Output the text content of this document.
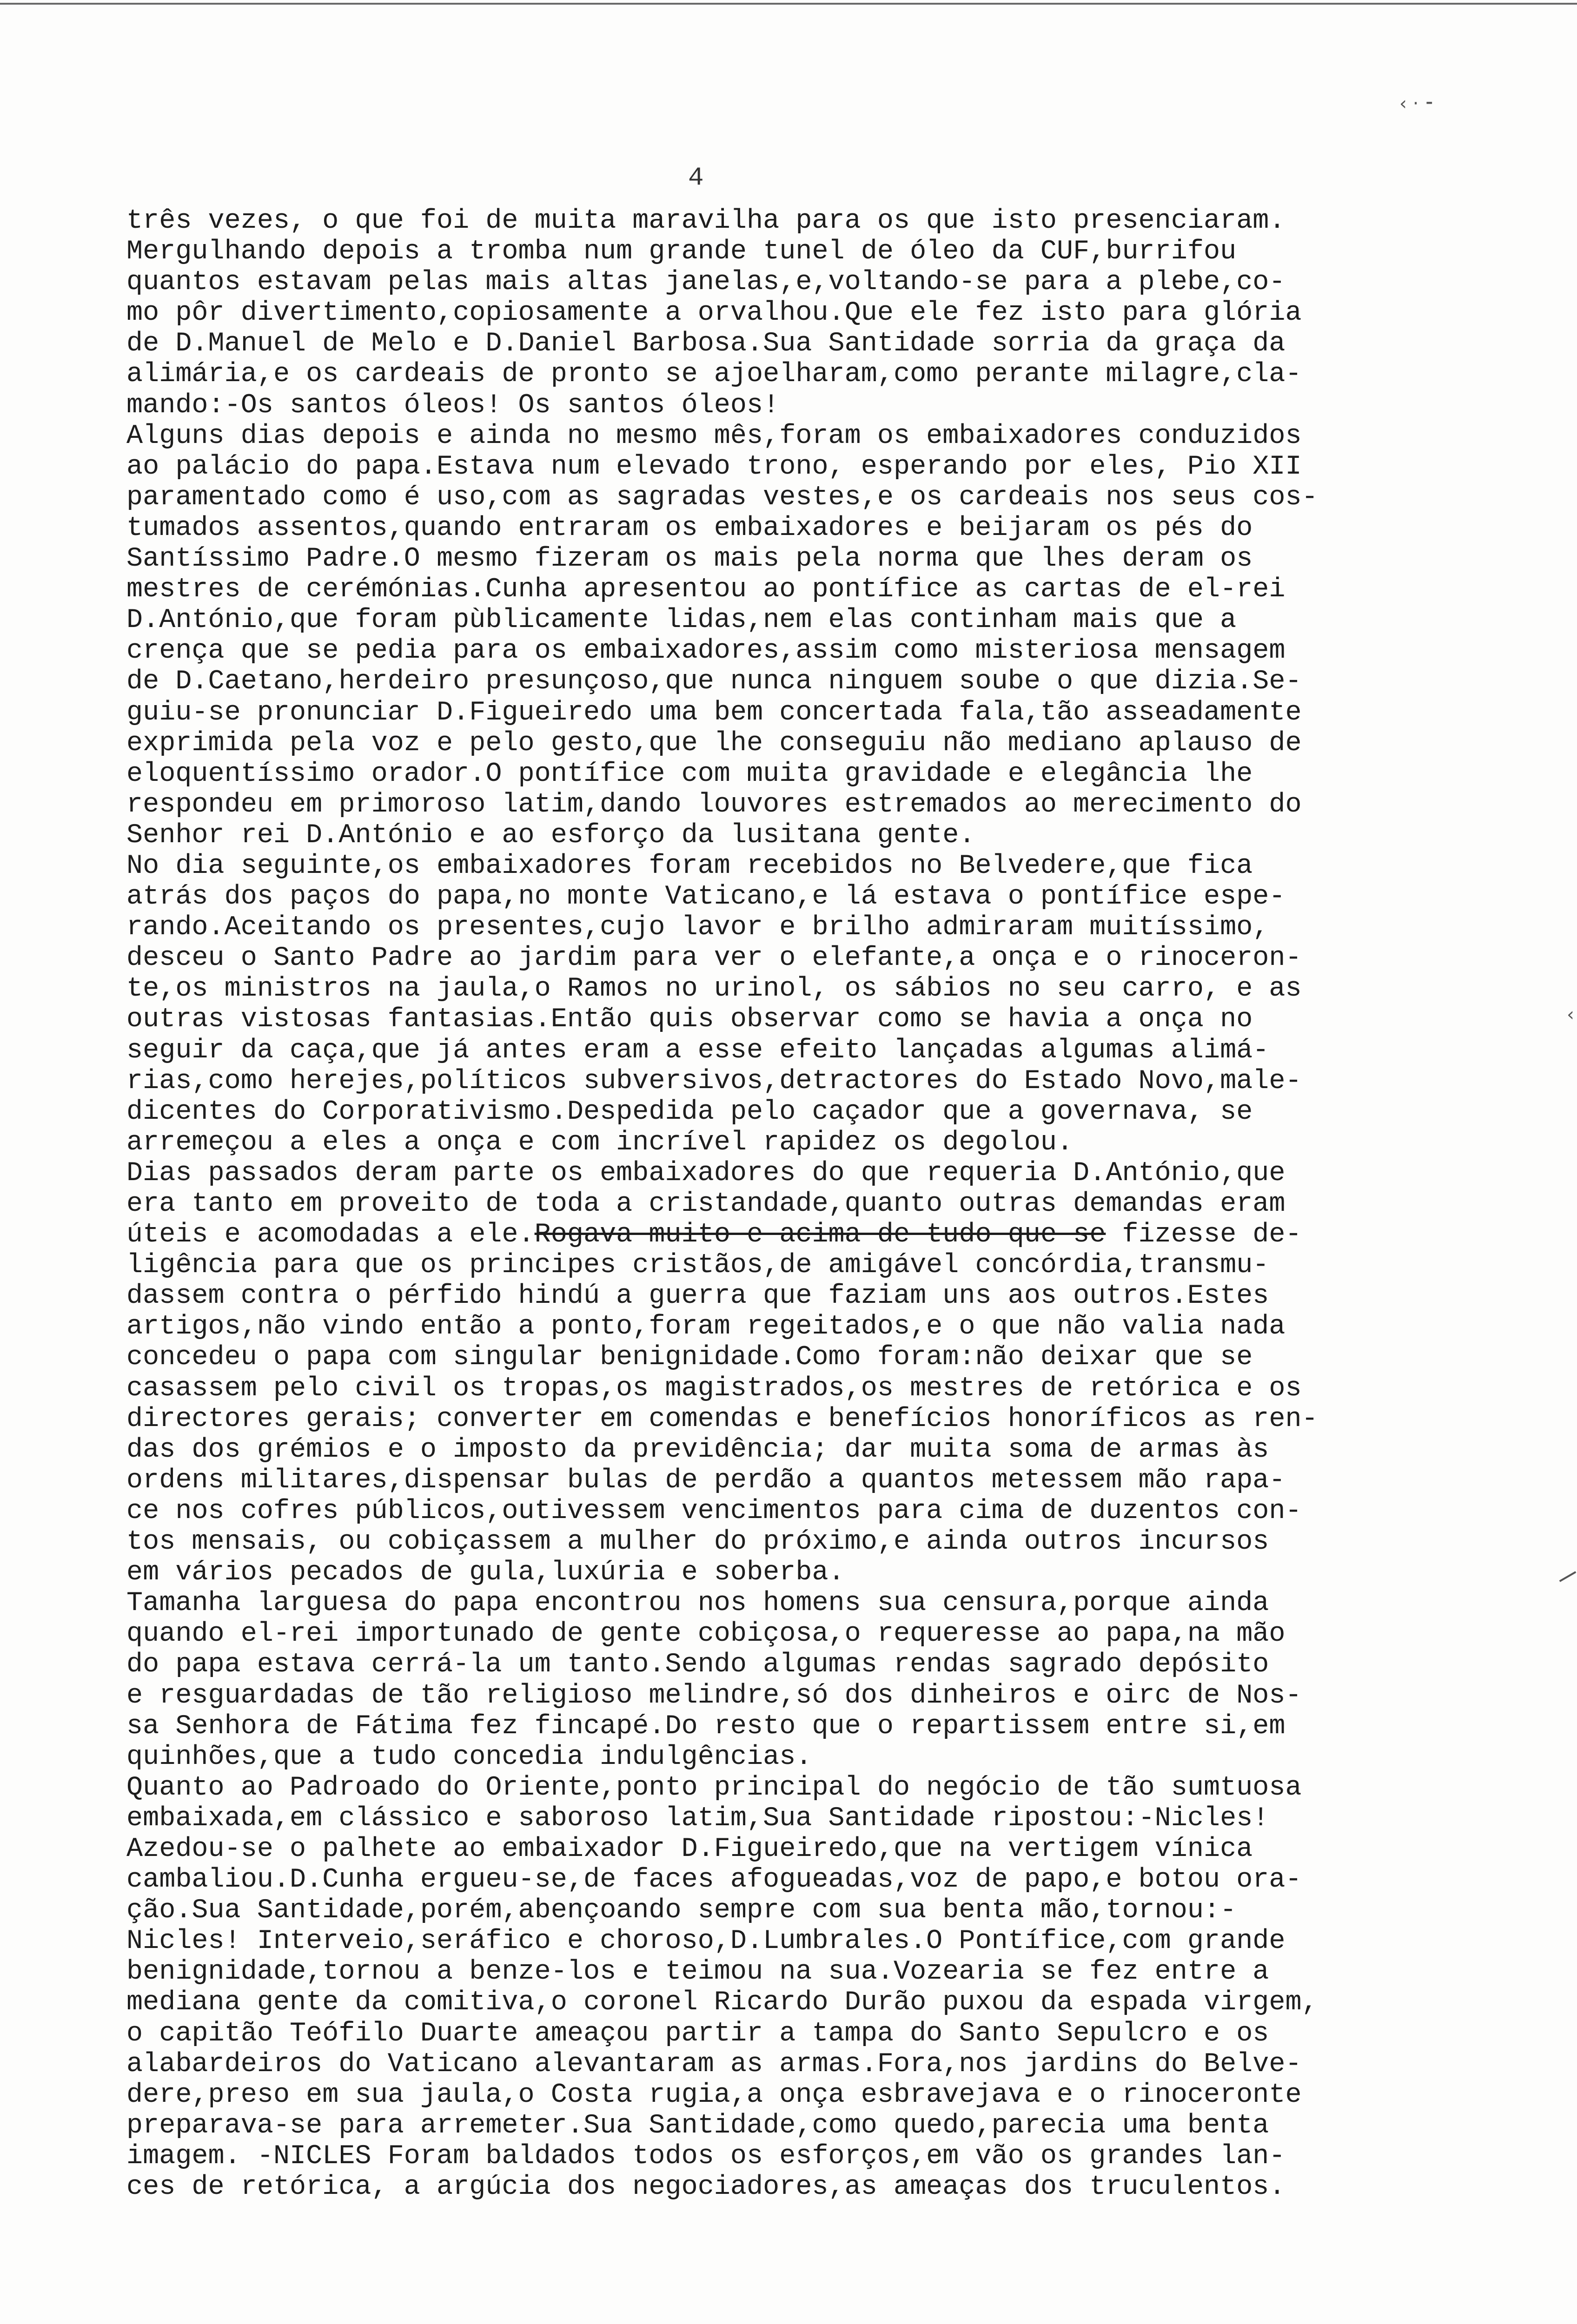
‹ · ⁃
4
três vezes, o que foi de muita maravilha para os que isto presenciaram.
Mergulhando depois a tromba num grande tunel de óleo da CUF,burrifou
quantos estavam pelas mais altas janelas,e,voltando-se para a plebe,co-
mo pôr divertimento,copiosamente a orvalhou.Que ele fez isto para glória
de D.Manuel de Melo e D.Daniel Barbosa.Sua Santidade sorria da graça da
alimária,e os cardeais de pronto se ajoelharam,como perante milagre,cla-
mando:-Os santos óleos! Os santos óleos!
Alguns dias depois e ainda no mesmo mês,foram os embaixadores conduzidos
ao palácio do papa.Estava num elevado trono, esperando por eles, Pio XII
paramentado como é uso,com as sagradas vestes,e os cardeais nos seus cos-
tumados assentos,quando entraram os embaixadores e beijaram os pés do
Santíssimo Padre.O mesmo fizeram os mais pela norma que lhes deram os
mestres de cerémónias.Cunha apresentou ao pontífice as cartas de el-rei
D.António,que foram pùblicamente lidas,nem elas continham mais que a
crença que se pedia para os embaixadores,assim como misteriosa mensagem
de D.Caetano,herdeiro presunçoso,que nunca ninguem soube o que dizia.Se-
guiu-se pronunciar D.Figueiredo uma bem concertada fala,tão asseadamente
exprimida pela voz e pelo gesto,que lhe conseguiu não mediano aplauso de
eloquentíssimo orador.O pontífice com muita gravidade e elegância lhe
respondeu em primoroso latim,dando louvores estremados ao merecimento do
Senhor rei D.António e ao esforço da lusitana gente.
No dia seguinte,os embaixadores foram recebidos no Belvedere,que fica
atrás dos paços do papa,no monte Vaticano,e lá estava o pontífice espe-
rando.Aceitando os presentes,cujo lavor e brilho admiraram muitíssimo,
desceu o Santo Padre ao jardim para ver o elefante,a onça e o rinoceron-
te,os ministros na jaula,o Ramos no urinol, os sábios no seu carro, e as
outras vistosas fantasias.Então quis observar como se havia a onça no
seguir da caça,que já antes eram a esse efeito lançadas algumas alimá-
rias,como herejes,políticos subversivos,detractores do Estado Novo,male-
dicentes do Corporativismo.Despedida pelo caçador que a governava, se
arremeçou a eles a onça e com incrível rapidez os degolou.
Dias passados deram parte os embaixadores do que requeria D.António,que
era tanto em proveito de toda a cristandade,quanto outras demandas eram
úteis e acomodadas a ele.Rogava muito e acima de tudo que se fizesse de-
ligência para que os principes cristãos,de amigável concórdia,transmu-
dassem contra o pérfido hindú a guerra que faziam uns aos outros.Estes
artigos,não vindo então a ponto,foram regeitados,e o que não valia nada
concedeu o papa com singular benignidade.Como foram:não deixar que se
casassem pelo civil os tropas,os magistrados,os mestres de retórica e os
directores gerais; converter em comendas e benefícios honoríficos as ren-
das dos grémios e o imposto da previdência; dar muita soma de armas às
ordens militares,dispensar bulas de perdão a quantos metessem mão rapa-
ce nos cofres públicos,outivessem vencimentos para cima de duzentos con-
tos mensais, ou cobiçassem a mulher do próximo,e ainda outros incursos
em vários pecados de gula,luxúria e soberba.
Tamanha larguesa do papa encontrou nos homens sua censura,porque ainda
quando el-rei importunado de gente cobiçosa,o requeresse ao papa,na mão
do papa estava cerrá-la um tanto.Sendo algumas rendas sagrado depósito
e resguardadas de tão religioso melindre,só dos dinheiros e oirc de Nos-
sa Senhora de Fátima fez fincapé.Do resto que o repartissem entre si,em
quinhões,que a tudo concedia indulgências.
Quanto ao Padroado do Oriente,ponto principal do negócio de tão sumtuosa
embaixada,em clássico e saboroso latim,Sua Santidade ripostou:-Nicles!
Azedou-se o palhete ao embaixador D.Figueiredo,que na vertigem vínica
cambaliou.D.Cunha ergueu-se,de faces afogueadas,voz de papo,e botou ora-
ção.Sua Santidade,porém,abençoando sempre com sua benta mão,tornou:-
Nicles! Interveio,seráfico e choroso,D.Lumbrales.O Pontífice,com grande
benignidade,tornou a benze-los e teimou na sua.Vozearia se fez entre a
mediana gente da comitiva,o coronel Ricardo Durão puxou da espada virgem,
o capitão Teófilo Duarte ameaçou partir a tampa do Santo Sepulcro e os
alabardeiros do Vaticano alevantaram as armas.Fora,nos jardins do Belve-
dere,preso em sua jaula,o Costa rugia,a onça esbravejava e o rinoceronte
preparava-se para arremeter.Sua Santidade,como quedo,parecia uma benta
imagem. -NICLES Foram baldados todos os esforços,em vão os grandes lan-
ces de retórica, a argúcia dos negociadores,as ameaças dos truculentos.
‹
